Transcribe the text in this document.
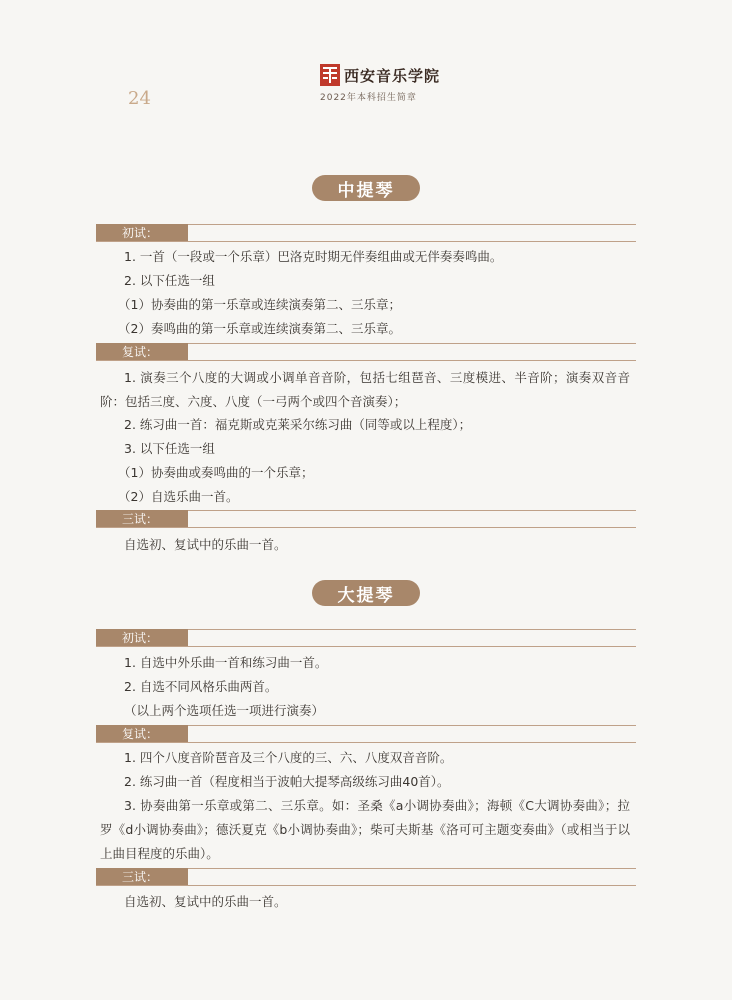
24
西安音乐学院
2022年本科招生简章
中提琴
初试：
1. 一首（一段或一个乐章）巴洛克时期无伴奏组曲或无伴奏奏鸣曲。
2. 以下任选一组
（1）协奏曲的第一乐章或连续演奏第二、三乐章；
（2）奏鸣曲的第一乐章或连续演奏第二、三乐章。
复试：
1. 演奏三个八度的大调或小调单音音阶，包括七组琶音、三度模进、半音阶；演奏双音音阶：包括三度、六度、八度（一弓两个或四个音演奏）；
2. 练习曲一首：福克斯或克莱采尔练习曲（同等或以上程度）；
3. 以下任选一组
（1）协奏曲或奏鸣曲的一个乐章；
（2）自选乐曲一首。
三试：
自选初、复试中的乐曲一首。
大提琴
初试：
1. 自选中外乐曲一首和练习曲一首。
2. 自选不同风格乐曲两首。
（以上两个选项任选一项进行演奏）
复试：
1. 四个八度音阶琶音及三个八度的三、六、八度双音音阶。
2. 练习曲一首（程度相当于波帕大提琴高级练习曲40首）。
3. 协奏曲第一乐章或第二、三乐章。如：圣桑《a小调协奏曲》；海顿《C大调协奏曲》；拉罗《d小调协奏曲》；德沃夏克《b小调协奏曲》；柴可夫斯基《洛可可主题变奏曲》（或相当于以上曲目程度的乐曲）。
三试：
自选初、复试中的乐曲一首。
